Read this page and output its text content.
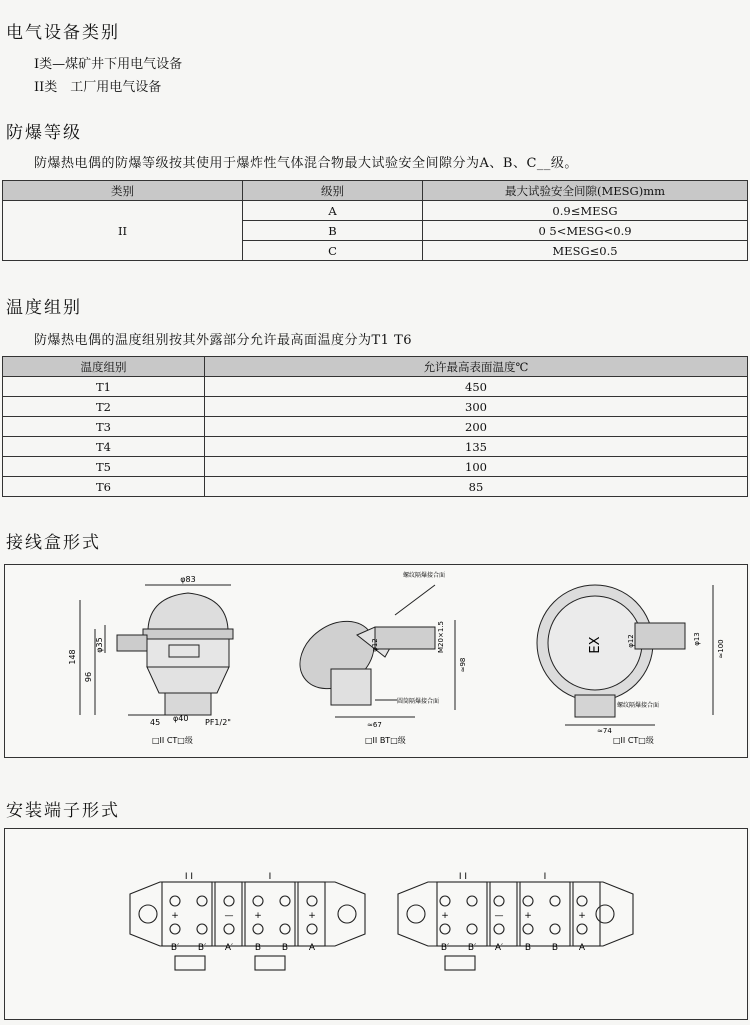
电气设备类别
I类—煤矿井下用电气设备
II类　工厂用电气设备
防爆等级
防爆热电偶的防爆等级按其使用于爆炸性气体混合物最大试验安全间隙分为A、B、C__级。
类别	级别	最大试验安全间隙(MESG)mm
II	A	0.9≤MESG
	B	0 5<MESG<0.9
	C	MESG≤0.5
温度组别
防爆热电偶的温度组别按其外露部分允许最高面温度分为T1 T6
温度组别	允许最高表面温度℃
T1	450
T2	300
T3	200
T4	135
T5	100
T6	85
接线盒形式
φ83
148
96
φ35
45 φ40 PF1/2"
□II CT□级
螺纹隔爆接合面
圆筒隔爆接合面
φ12	M20×1.5
≈98
≈67
□II BT□级
EX
螺纹隔爆接合面
φ12	φ13
≈100
≈74
□II CT□级
安装端子形式
I I	I
+	— +	+
B′ B′ A′ B B A
I I	I
+	— +	+
B′ B′ A′ B B A
